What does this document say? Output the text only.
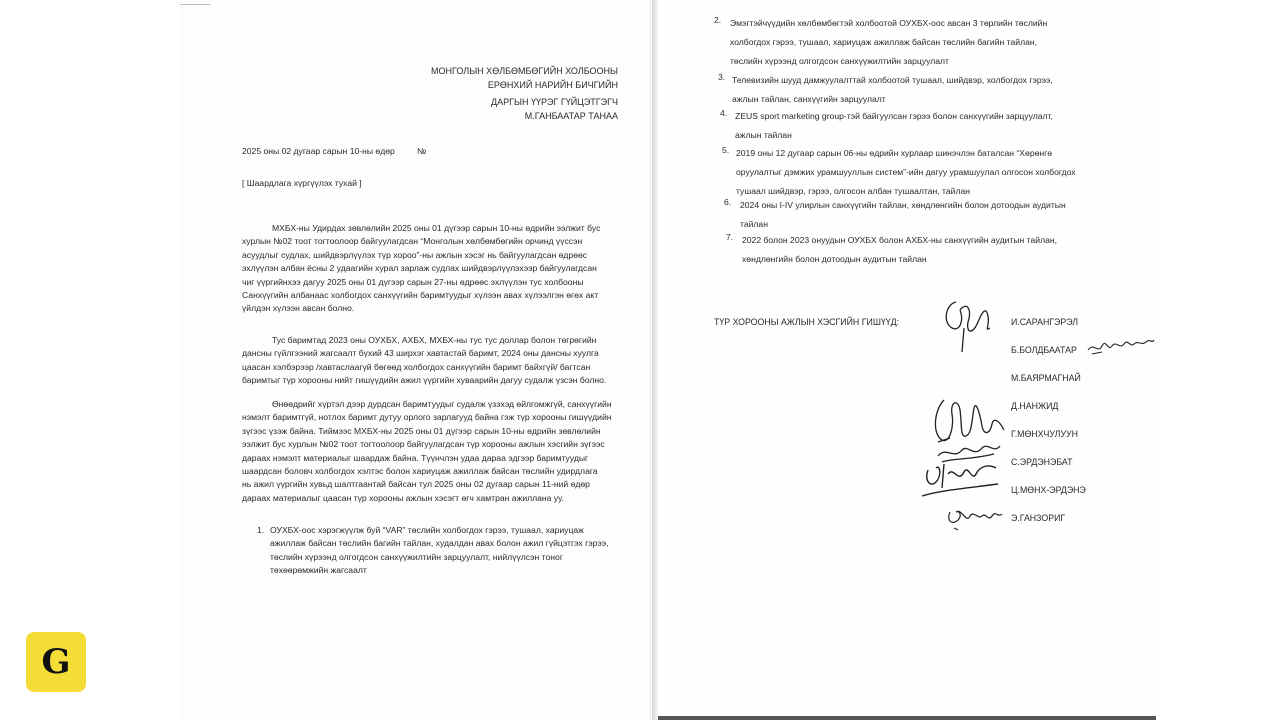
МОНГОЛЫН ХӨЛБӨМБӨГИЙН ХОЛБООНЫ
ЕРӨНХИЙ НАРИЙН БИЧГИЙН
ДАРГЫН ҮҮРЭГ ГҮЙЦЭТГЭГЧ
М.ГАНБААТАР ТАНАА
2025 оны 02 дугаар сарын 10-ны өдөр	№
[ Шаардлага хүргүүлэх тухай ]
МХБХ-ны Удирдах зөвлөлийн 2025 оны 01 дүгээр сарын 10-ны өдрийн ээлжит бус
хурлын №02 тоот тогтоолоор байгуулагдсан “Монголын хөлбөмбөгийн орчинд үүссэн
асуудлыг судлах, шийдвэрлүүлэх түр хороо”-ны ажлын хэсэг нь байгуулагдсан өдрөөс
эхлүүлэн албан ёсны 2 удаагийн хурал зарлаж судлах шийдвэрлүүлэхээр байгуулагдсан
чиг үүргийнхээ дагуу 2025 оны 01 дүгээр сарын 27-ны өдрөөс эхлүүлэн тус холбооны
Санхүүгийн албанаас холбогдох санхүүгийн баримтуудыг хүлээн авах хүлээлгэн өгөх акт
үйлдэн хүлээн авсан болно.
Тус баримтад 2023 оны ОУХБХ, АХБХ, МХБХ-ны тус тус доллар болон төгрөгийн
дансны гүйлгээний жагсаалт бүхий 43 ширхэг хавтастай баримт, 2024 оны дансны хуулга
цаасан хэлбэрээр /хавтаслаагүй бөгөөд холбогдох санхүүгийн баримт байхгүй/ багтсан
баримтыг түр хорооны нийт гишүүдийн ажил үүргийн хуваарийн дагуу судалж үзсэн болно.
Өнөөдрийг хүртэл дээр дурдсан баримтуудыг судалж үзэхэд өйлгомжгүй, санхүүгийн
нэмэлт баримтгүй, нотлох баримт дутуу орлого зарлагууд байна гэж түр хорооны гишүүдийн
зүгээс үзэж байна. Тиймээс МХБХ-ны 2025 оны 01 дүгээр сарын 10-ны өдрийн зөвлөлийн
ээлжит бус хурлын №02 тоот тогтоолоор байгуулагдсан түр хорооны ажлын хэсгийн зүгээс
дараах нэмэлт материалыг шаардаж байна. Түүнчлэн удаа дараа эдгээр баримтуудыг
шаардсан боловч холбогдох хэлтэс болон хариуцаж ажиллаж байсан төслийн удирдлага
нь ажил үүргийн хувьд шалтгаантай байсан тул 2025 оны 02 дугаар сарын 11-ний өдөр
дараах материалыг цаасан түр хорооны ажлын хэсэгт өгч хамтран ажиллана уу.
1. ОУХБХ-оос хэрэгжүүлж буй “VAR” төслийн холбогдох гэрээ, тушаал, хариуцаж
ажиллаж байсан төслийн багийн тайлан, худалдан авах болон ажил гүйцэтгэх гэрээ,
төслийн хүрээнд олгогдсон санхүүжилтийн зарцуулалт, нийлүүлсэн тоног
төхөөрөмжийн жагсаалт
2. Эмэгтэйчүүдийн хөлбөмбөгтэй холбоотой ОУХБХ-оос авсан 3 төрлийн төслийн
холбогдох гэрээ, тушаал, хариуцаж ажиллаж байсан төслийн багийн тайлан,
төслийн хүрээнд олгогдсон санхүүжилтийн зарцуулалт
3. Телевизийн шууд дамжуулалттай холбоотой тушаал, шийдвэр, холбогдох гэрээ,
ажлын тайлан, санхүүгийн зарцуулалт
4. ZEUS sport marketing group-тэй байгуулсан гэрээ болон санхүүгийн зарцуулалт,
ажлын тайлан
5. 2019 оны 12 дугаар сарын 06-ны өдрийн хурлаар шинэчлэн баталсан “Хөрөнгө
оруулалтыг дэмжих урамшууллын систем”-ийн дагуу урамшуулал олгосон холбогдох
тушаал шийдвэр, гэрээ, олгосон албан тушаалтан, тайлан
6. 2024 оны I-IV улирлын санхүүгийн тайлан, хөндлөнгийн болон дотоодын аудитын
тайлан
7. 2022 болон 2023 онуудын ОУХБХ болон АХБХ-ны санхүүгийн аудитын тайлан,
хөндлөнгийн болон дотоодын аудитын тайлан
ТҮР ХОРООНЫ АЖЛЫН ХЭСГИЙН ГИШҮҮД:	И.САРАНГЭРЭЛ
Б.БОЛДБААТАР
М.БАЯРМАГНАЙ
Д.НАНЖИД
Г.МӨНХЧУЛУУН
С.ЭРДЭНЭБАТ
Ц.МӨНХ-ЭРДЭНЭ
Э.ГАНЗОРИГ
G
